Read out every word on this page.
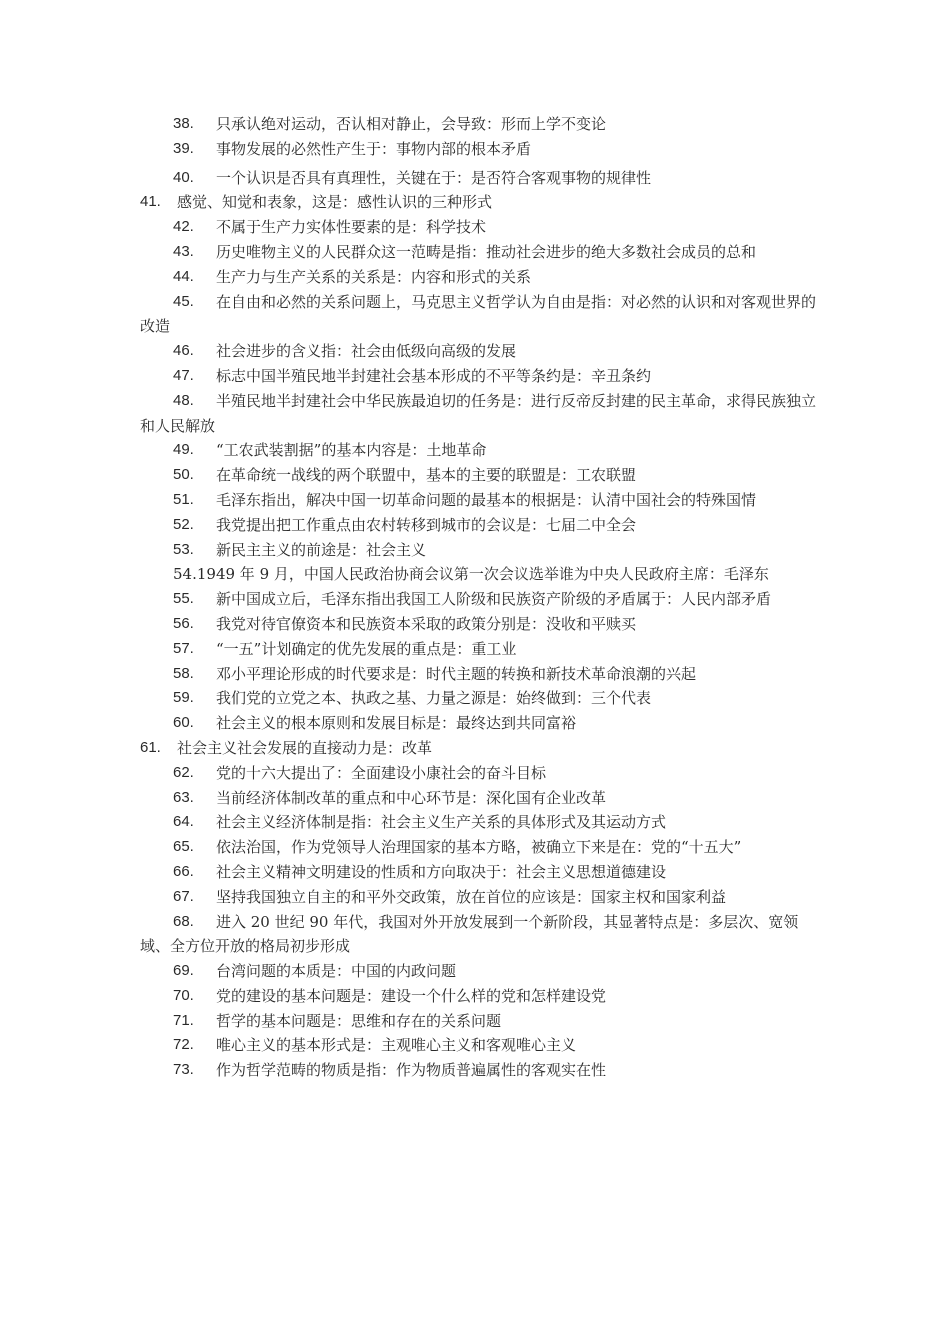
38.	只承认绝对运动，否认相对静止，会导致：形而上学不变论
39.	事物发展的必然性产生于：事物内部的根本矛盾
40.	一个认识是否具有真理性，关键在于：是否符合客观事物的规律性
41.	感觉、知觉和表象，这是：感性认识的三种形式
42.	不属于生产力实体性要素的是：科学技术
43.	历史唯物主义的人民群众这一范畴是指：推动社会进步的绝大多数社会成员的总和
44.	生产力与生产关系的关系是：内容和形式的关系
45.	在自由和必然的关系问题上，马克思主义哲学认为自由是指：对必然的认识和对客观世界的改造
46.	社会进步的含义指：社会由低级向高级的发展
47.	标志中国半殖民地半封建社会基本形成的不平等条约是：辛丑条约
48.	半殖民地半封建社会中华民族最迫切的任务是：进行反帝反封建的民主革命，求得民族独立和人民解放
49.	“工农武装割据”的基本内容是：土地革命
50.	在革命统一战线的两个联盟中，基本的主要的联盟是：工农联盟
51.	毛泽东指出，解决中国一切革命问题的最基本的根据是：认清中国社会的特殊国情
52.	我党提出把工作重点由农村转移到城市的会议是：七届二中全会
53.	新民主主义的前途是：社会主义
54.1949 年 9 月，中国人民政治协商会议第一次会议选举谁为中央人民政府主席：毛泽东
55.	新中国成立后，毛泽东指出我国工人阶级和民族资产阶级的矛盾属于：人民内部矛盾
56.	我党对待官僚资本和民族资本采取的政策分别是：没收和平赎买
57.	“一五”计划确定的优先发展的重点是：重工业
58.	邓小平理论形成的时代要求是：时代主题的转换和新技术革命浪潮的兴起
59.	我们党的立党之本、执政之基、力量之源是：始终做到：三个代表
60.	社会主义的根本原则和发展目标是：最终达到共同富裕
61.	社会主义社会发展的直接动力是：改革
62.	党的十六大提出了：全面建设小康社会的奋斗目标
63.	当前经济体制改革的重点和中心环节是：深化国有企业改革
64.	社会主义经济体制是指：社会主义生产关系的具体形式及其运动方式
65.	依法治国，作为党领导人治理国家的基本方略，被确立下来是在：党的“十五大”
66.	社会主义精神文明建设的性质和方向取决于：社会主义思想道德建设
67.	坚持我国独立自主的和平外交政策，放在首位的应该是：国家主权和国家利益
68.	进入 20 世纪 90 年代，我国对外开放发展到一个新阶段，其显著特点是：多层次、宽领域、全方位开放的格局初步形成
69.	台湾问题的本质是：中国的内政问题
70.	党的建设的基本问题是：建设一个什么样的党和怎样建设党
71.	哲学的基本问题是：思维和存在的关系问题
72.	唯心主义的基本形式是：主观唯心主义和客观唯心主义
73.	作为哲学范畴的物质是指：作为物质普遍属性的客观实在性
